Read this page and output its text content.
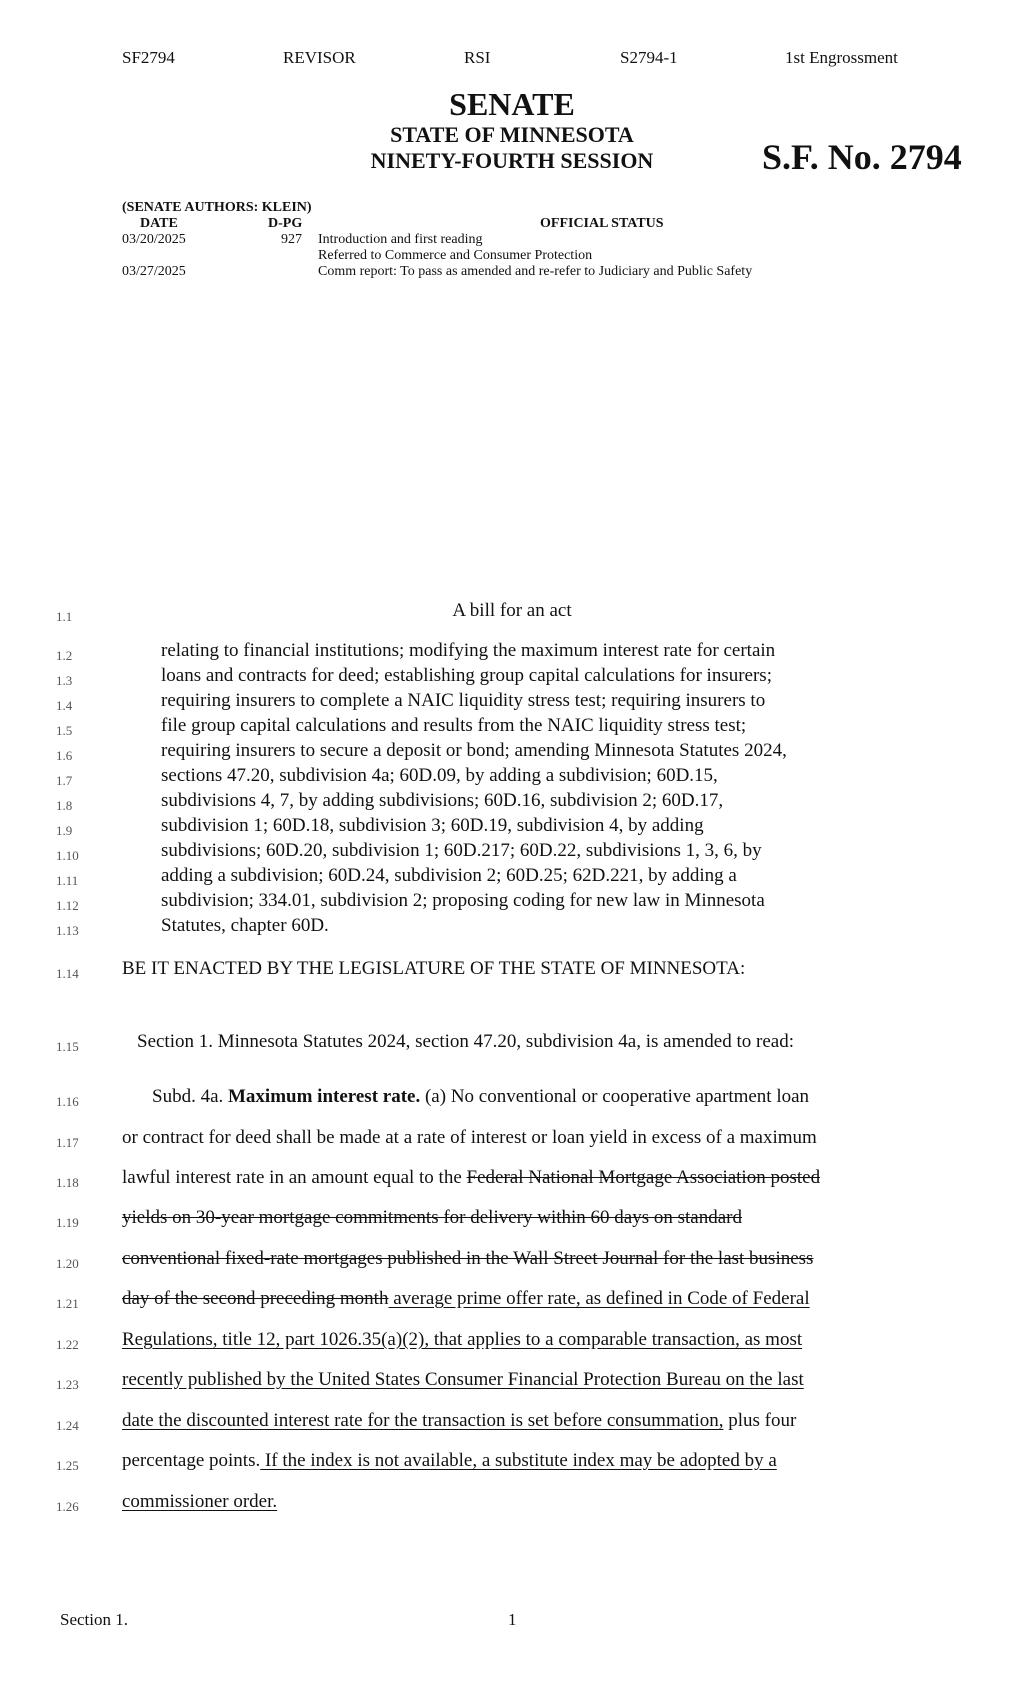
SF2794	REVISOR	RSI	S2794-1	1st Engrossment
SENATE
STATE OF MINNESOTA
NINETY-FOURTH SESSION	S.F. No. 2794
(SENATE AUTHORS: KLEIN)
DATE	D-PG	OFFICIAL STATUS
03/20/2025	927 Introduction and first reading
Referred to Commerce and Consumer Protection
03/27/2025	Comm report: To pass as amended and re-refer to Judiciary and Public Safety
1.1
1.2
1.3
1.4
1.5
1.6
1.7
1.8
1.9
1.10
1.11
1.12
1.13
1.14
1.15
1.16
1.17
1.18
1.19
1.20
1.21
1.22
1.23
1.24
1.25
1.26
A bill for an act
relating to financial institutions; modifying the maximum interest rate for certain
loans and contracts for deed; establishing group capital calculations for insurers;
requiring insurers to complete a NAIC liquidity stress test; requiring insurers to
file group capital calculations and results from the NAIC liquidity stress test;
requiring insurers to secure a deposit or bond; amending Minnesota Statutes 2024,
sections 47.20, subdivision 4a; 60D.09, by adding a subdivision; 60D.15,
subdivisions 4, 7, by adding subdivisions; 60D.16, subdivision 2; 60D.17,
subdivision 1; 60D.18, subdivision 3; 60D.19, subdivision 4, by adding
subdivisions; 60D.20, subdivision 1; 60D.217; 60D.22, subdivisions 1, 3, 6, by
adding a subdivision; 60D.24, subdivision 2; 60D.25; 62D.221, by adding a
subdivision; 334.01, subdivision 2; proposing coding for new law in Minnesota
Statutes, chapter 60D.
BE IT ENACTED BY THE LEGISLATURE OF THE STATE OF MINNESOTA:
Section 1. Minnesota Statutes 2024, section 47.20, subdivision 4a, is amended to read:
Subd. 4a. Maximum interest rate. (a) No conventional or cooperative apartment loan
or contract for deed shall be made at a rate of interest or loan yield in excess of a maximum
lawful interest rate in an amount equal to the Federal National Mortgage Association posted
yields on 30-year mortgage commitments for delivery within 60 days on standard
conventional fixed-rate mortgages published in the Wall Street Journal for the last business
day of the second preceding month average prime offer rate, as defined in Code of Federal
Regulations, title 12, part 1026.35(a)(2), that applies to a comparable transaction, as most
recently published by the United States Consumer Financial Protection Bureau on the last
date the discounted interest rate for the transaction is set before consummation, plus four
percentage points. If the index is not available, a substitute index may be adopted by a
commissioner order.
Section 1.	1
